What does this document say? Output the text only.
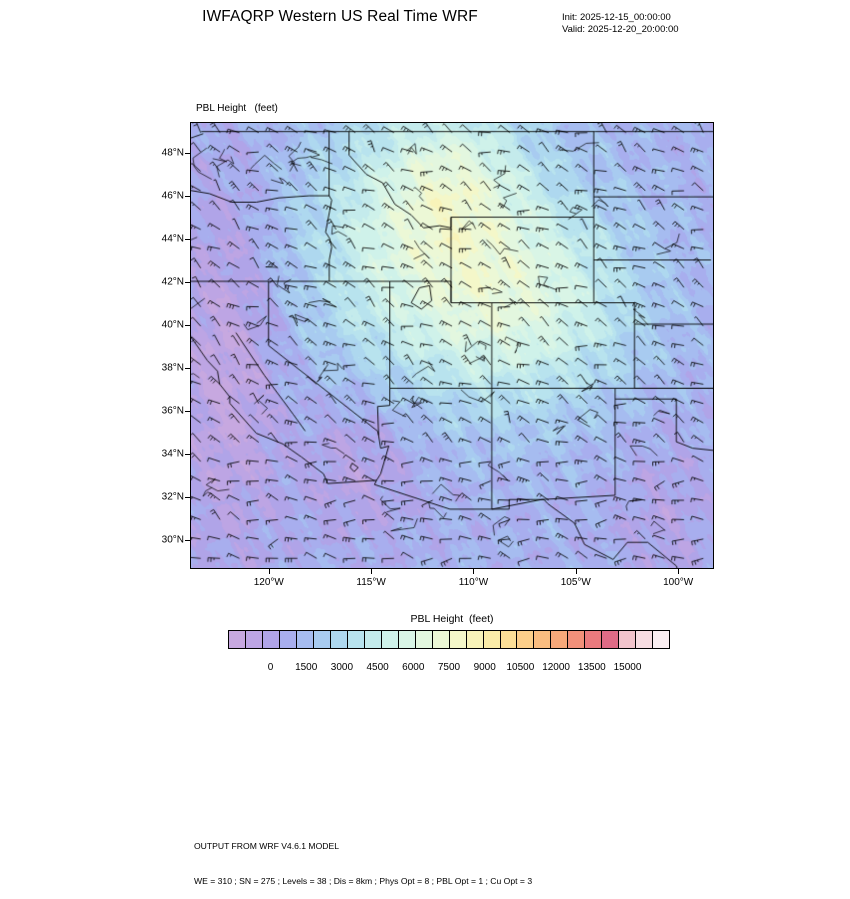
IWFAQRP Western US Real Time WRF	Init: 2025-12-15_00:00:00
Valid: 2025-12-20_20:00:00

PBL Height   (feet)

30°N
32°N
34°N
36°N
38°N
40°N
42°N
44°N
46°N
48°N
120°W	115°W	110°W	105°W	100°W
PBL Height  (feet)
0 1500 3000 4500 6000 7500 9000 10500 12000 13500 15000

OUTPUT FROM WRF V4.6.1 MODEL

WE = 310 ; SN = 275 ; Levels = 38 ; Dis = 8km ; Phys Opt = 8 ; PBL Opt = 1 ; Cu Opt = 3
